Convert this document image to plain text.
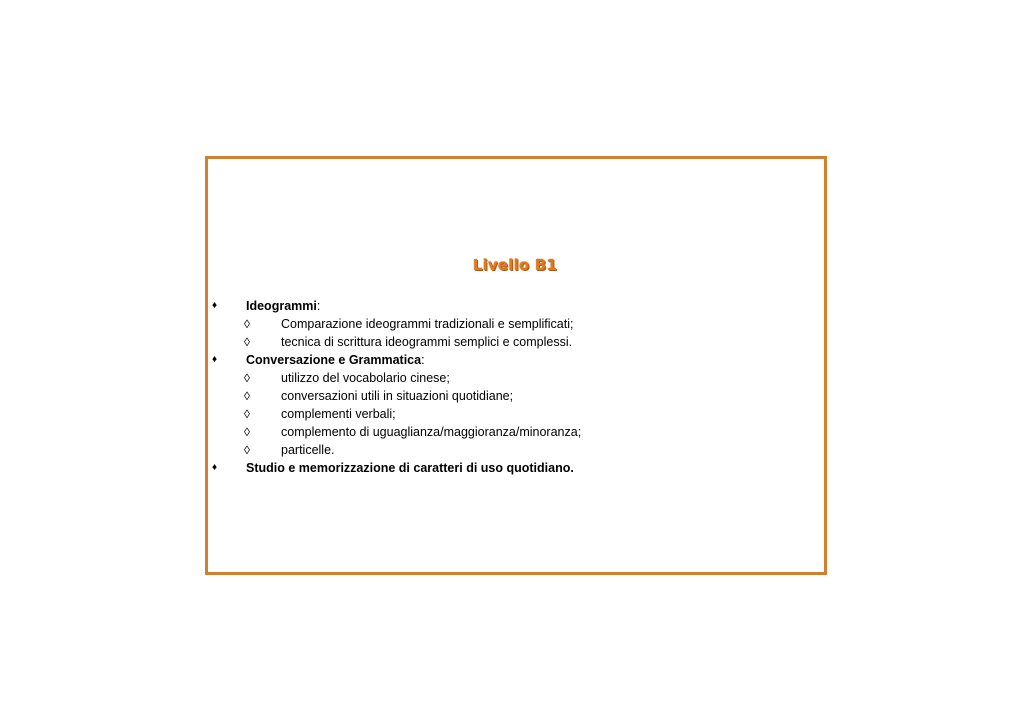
Livello B1
♦ Ideogrammi:
◊ Comparazione ideogrammi tradizionali e semplificati;
◊ tecnica di scrittura ideogrammi semplici e complessi.
♦ Conversazione e Grammatica:
◊ utilizzo del vocabolario cinese;
◊ conversazioni utili in situazioni quotidiane;
◊ complementi verbali;
◊ complemento di uguaglianza/maggioranza/minoranza;
◊ particelle.
♦ Studio e memorizzazione di caratteri di uso quotidiano.
